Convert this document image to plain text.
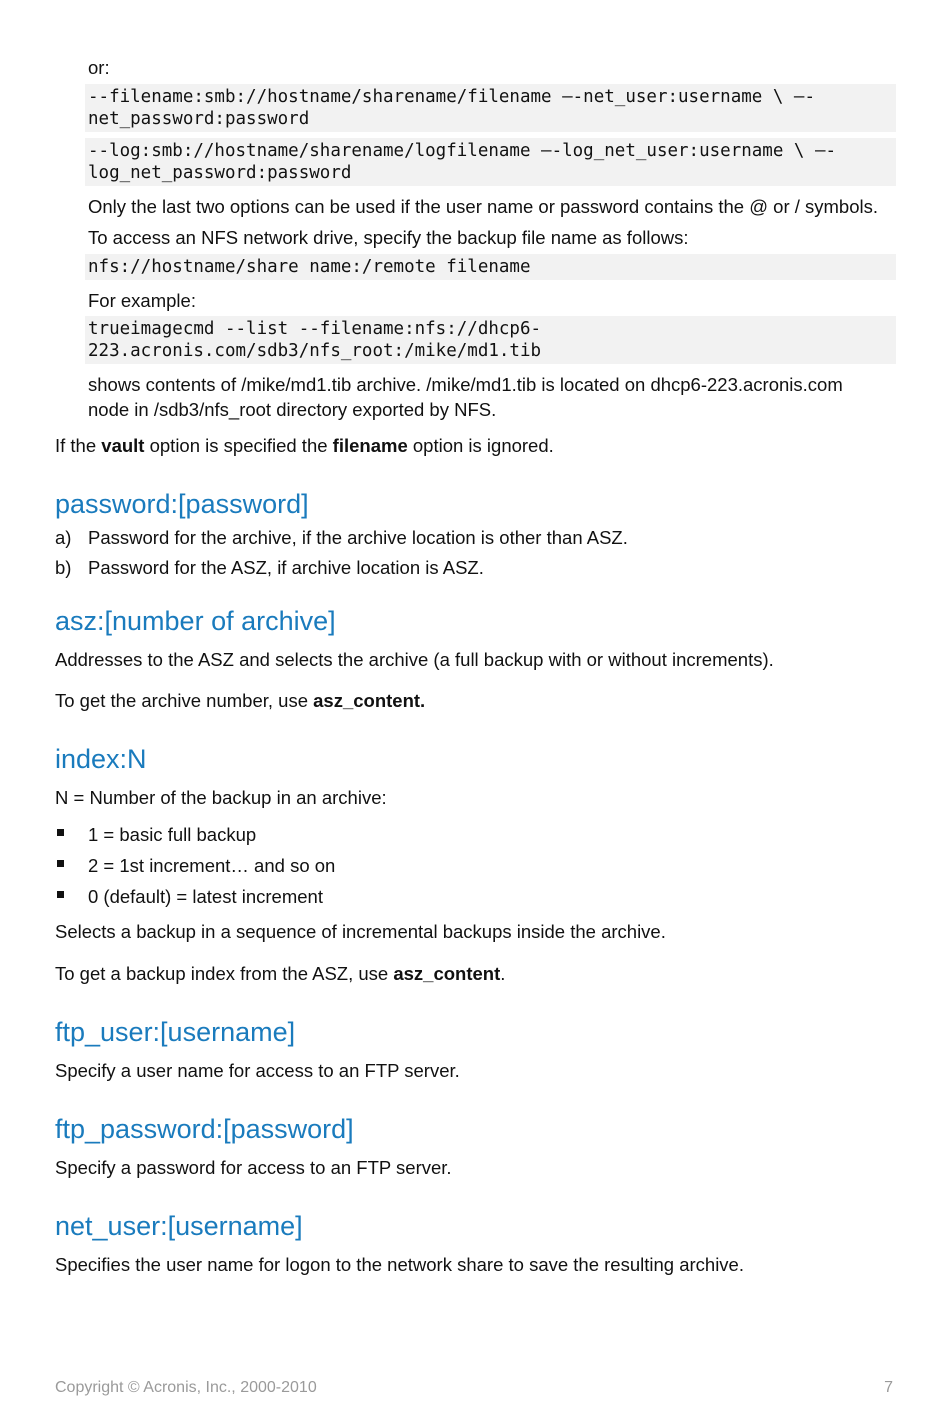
or:
--filename:smb://hostname/sharename/filename –-net_user:username \ –-
net_password:password
--log:smb://hostname/sharename/logfilename –-log_net_user:username \ –-
log_net_password:password
Only the last two options can be used if the user name or password contains the @ or / symbols.
To access an NFS network drive, specify the backup file name as follows:
nfs://hostname/share name:/remote filename
For example:
trueimagecmd --list --filename:nfs://dhcp6-
223.acronis.com/sdb3/nfs_root:/mike/md1.tib
shows contents of /mike/md1.tib archive. /mike/md1.tib is located on dhcp6-223.acronis.com
node in /sdb3/nfs_root directory exported by NFS.
If the vault option is specified the filename option is ignored.
password:[password]
a) Password for the archive, if the archive location is other than ASZ.
b) Password for the ASZ, if archive location is ASZ.
asz:[number of archive]
Addresses to the ASZ and selects the archive (a full backup with or without increments).
To get the archive number, use asz_content.
index:N
N = Number of the backup in an archive:
1 = basic full backup
2 = 1st increment… and so on
0 (default) = latest increment
Selects a backup in a sequence of incremental backups inside the archive.
To get a backup index from the ASZ, use asz_content.
ftp_user:[username]
Specify a user name for access to an FTP server.
ftp_password:[password]
Specify a password for access to an FTP server.
net_user:[username]
Specifies the user name for logon to the network share to save the resulting archive.
Copyright © Acronis, Inc., 2000-2010	7
